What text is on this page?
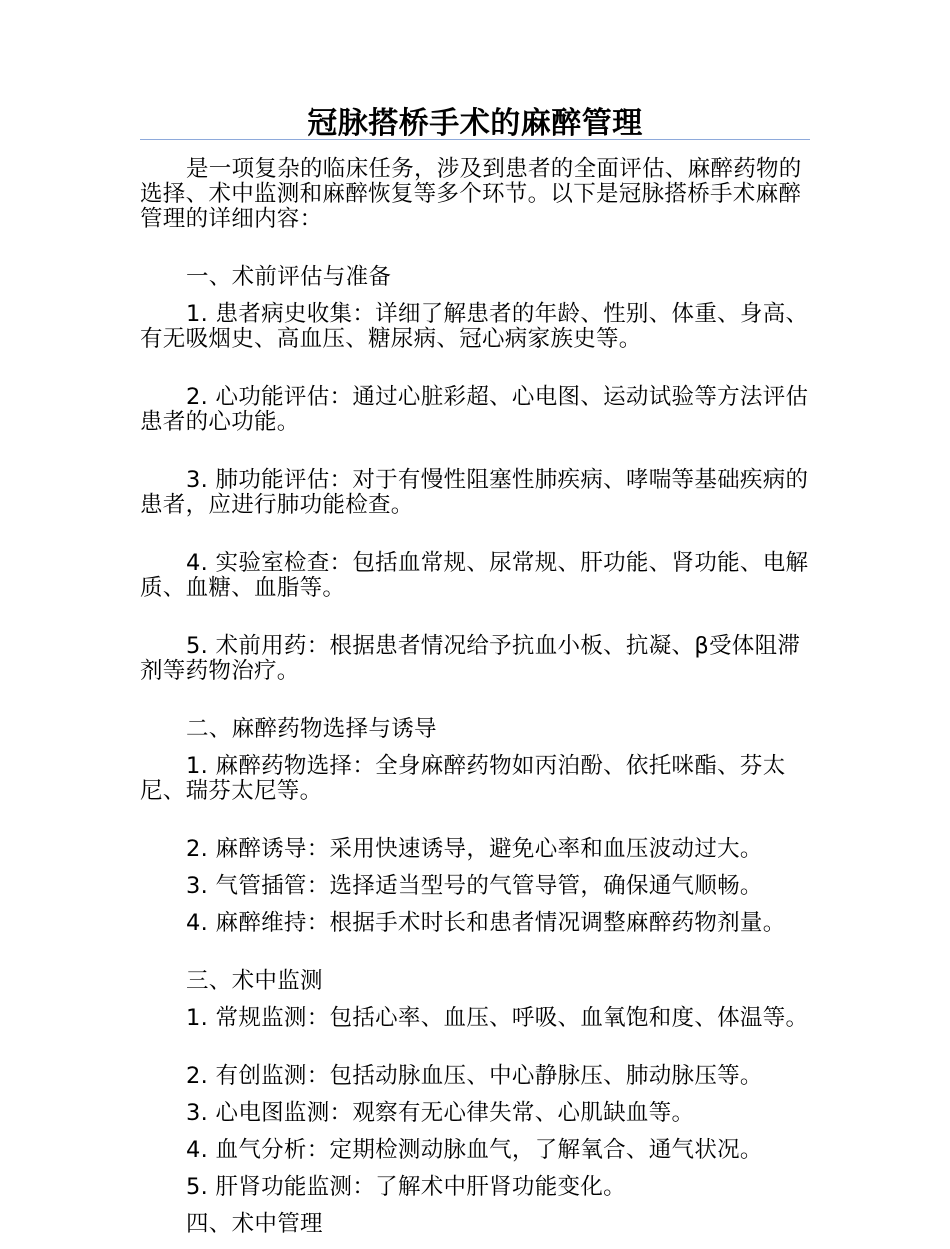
冠脉搭桥手术的麻醉管理

是一项复杂的临床任务，涉及到患者的全面评估、麻醉药物的选择、术中监测和麻醉恢复等多个环节。以下是冠脉搭桥手术麻醉管理的详细内容：

一、术前评估与准备

1. 患者病史收集：详细了解患者的年龄、性别、体重、身高、有无吸烟史、高血压、糖尿病、冠心病家族史等。

2. 心功能评估：通过心脏彩超、心电图、运动试验等方法评估患者的心功能。

3. 肺功能评估：对于有慢性阻塞性肺疾病、哮喘等基础疾病的患者，应进行肺功能检查。

4. 实验室检查：包括血常规、尿常规、肝功能、肾功能、电解质、血糖、血脂等。

5. 术前用药：根据患者情况给予抗血小板、抗凝、β受体阻滞剂等药物治疗。

二、麻醉药物选择与诱导

1. 麻醉药物选择：全身麻醉药物如丙泊酚、依托咪酯、芬太尼、瑞芬太尼等。

2. 麻醉诱导：采用快速诱导，避免心率和血压波动过大。

3. 气管插管：选择适当型号的气管导管，确保通气顺畅。

4. 麻醉维持：根据手术时长和患者情况调整麻醉药物剂量。

三、术中监测

1. 常规监测：包括心率、血压、呼吸、血氧饱和度、体温等。

2. 有创监测：包括动脉血压、中心静脉压、肺动脉压等。

3. 心电图监测：观察有无心律失常、心肌缺血等。

4. 血气分析：定期检测动脉血气，了解氧合、通气状况。

5. 肝肾功能监测：了解术中肝肾功能变化。

四、术中管理
